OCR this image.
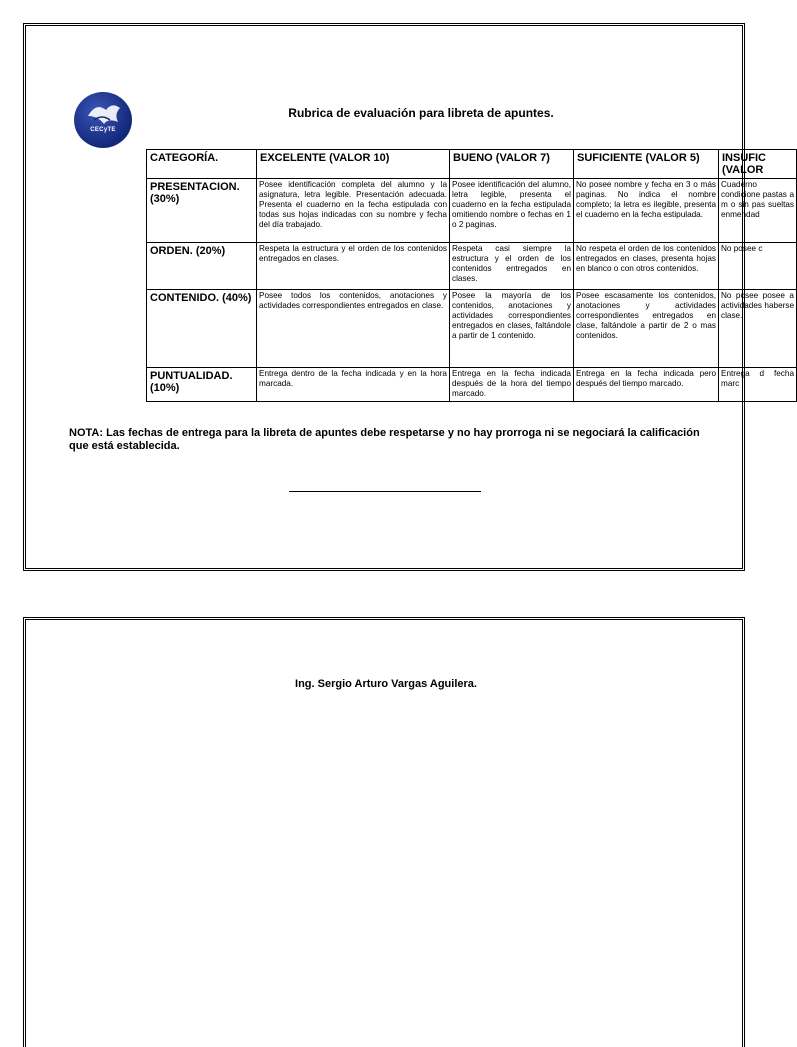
CECyTE
Rubrica de evaluación para libreta de apuntes.
CATEGORÍA.	EXCELENTE (VALOR 10)	BUENO (VALOR 7)	SUFICIENTE (VALOR 5)	INSUFIC (VALOR
PRESENTACION. (30%)	Posee identificación completa del alumno y la asignatura, letra legible. Presentación adecuada. Presenta el cuaderno en la fecha estipulada con todas sus hojas indicadas con su nombre y fecha del día trabajado.	Posee identificación del alumno, letra legible, presenta el cuaderno en la fecha estipulada omitiendo nombre o fechas en 1 o 2 paginas.	No posee nombre y fecha en 3 o más paginas. No indica el nombre completo; la letra es ilegible, presenta el cuaderno en la fecha estipulada.	Cuaderno condicione pastas a m o sin pas sueltas enmendad
ORDEN. (20%)	Respeta la estructura y el orden de los contenidos entregados en clases.	Respeta casi siempre la estructura y el orden de los contenidos entregados en clases.	No respeta el orden de los contenidos entregados en clases, presenta hojas en blanco o con otros contenidos.	No posee c
CONTENIDO. (40%)	Posee todos los contenidos, anotaciones y actividades correspondientes entregados en clase.	Posee la mayoría de los contenidos, anotaciones y actividades correspondientes entregados en clases, faltándole a partir de 1 contenido.	Posee escasamente los contenidos, anotaciones y actividades correspondientes entregados en clase, faltándole a partir de 2 o mas contenidos.	No posee posee a actividades haberse clase.
PUNTUALIDAD. (10%)	Entrega dentro de la fecha indicada y en la hora marcada.	Entrega en la fecha indicada después de la hora del tiempo marcado.	Entrega en la fecha indicada pero después del tiempo marcado.	Entrega d fecha marc
NOTA: Las fechas de entrega para la libreta de apuntes debe respetarse y no hay prorroga ni se negociará la calificación que está establecida.
Ing. Sergio Arturo Vargas Aguilera.
